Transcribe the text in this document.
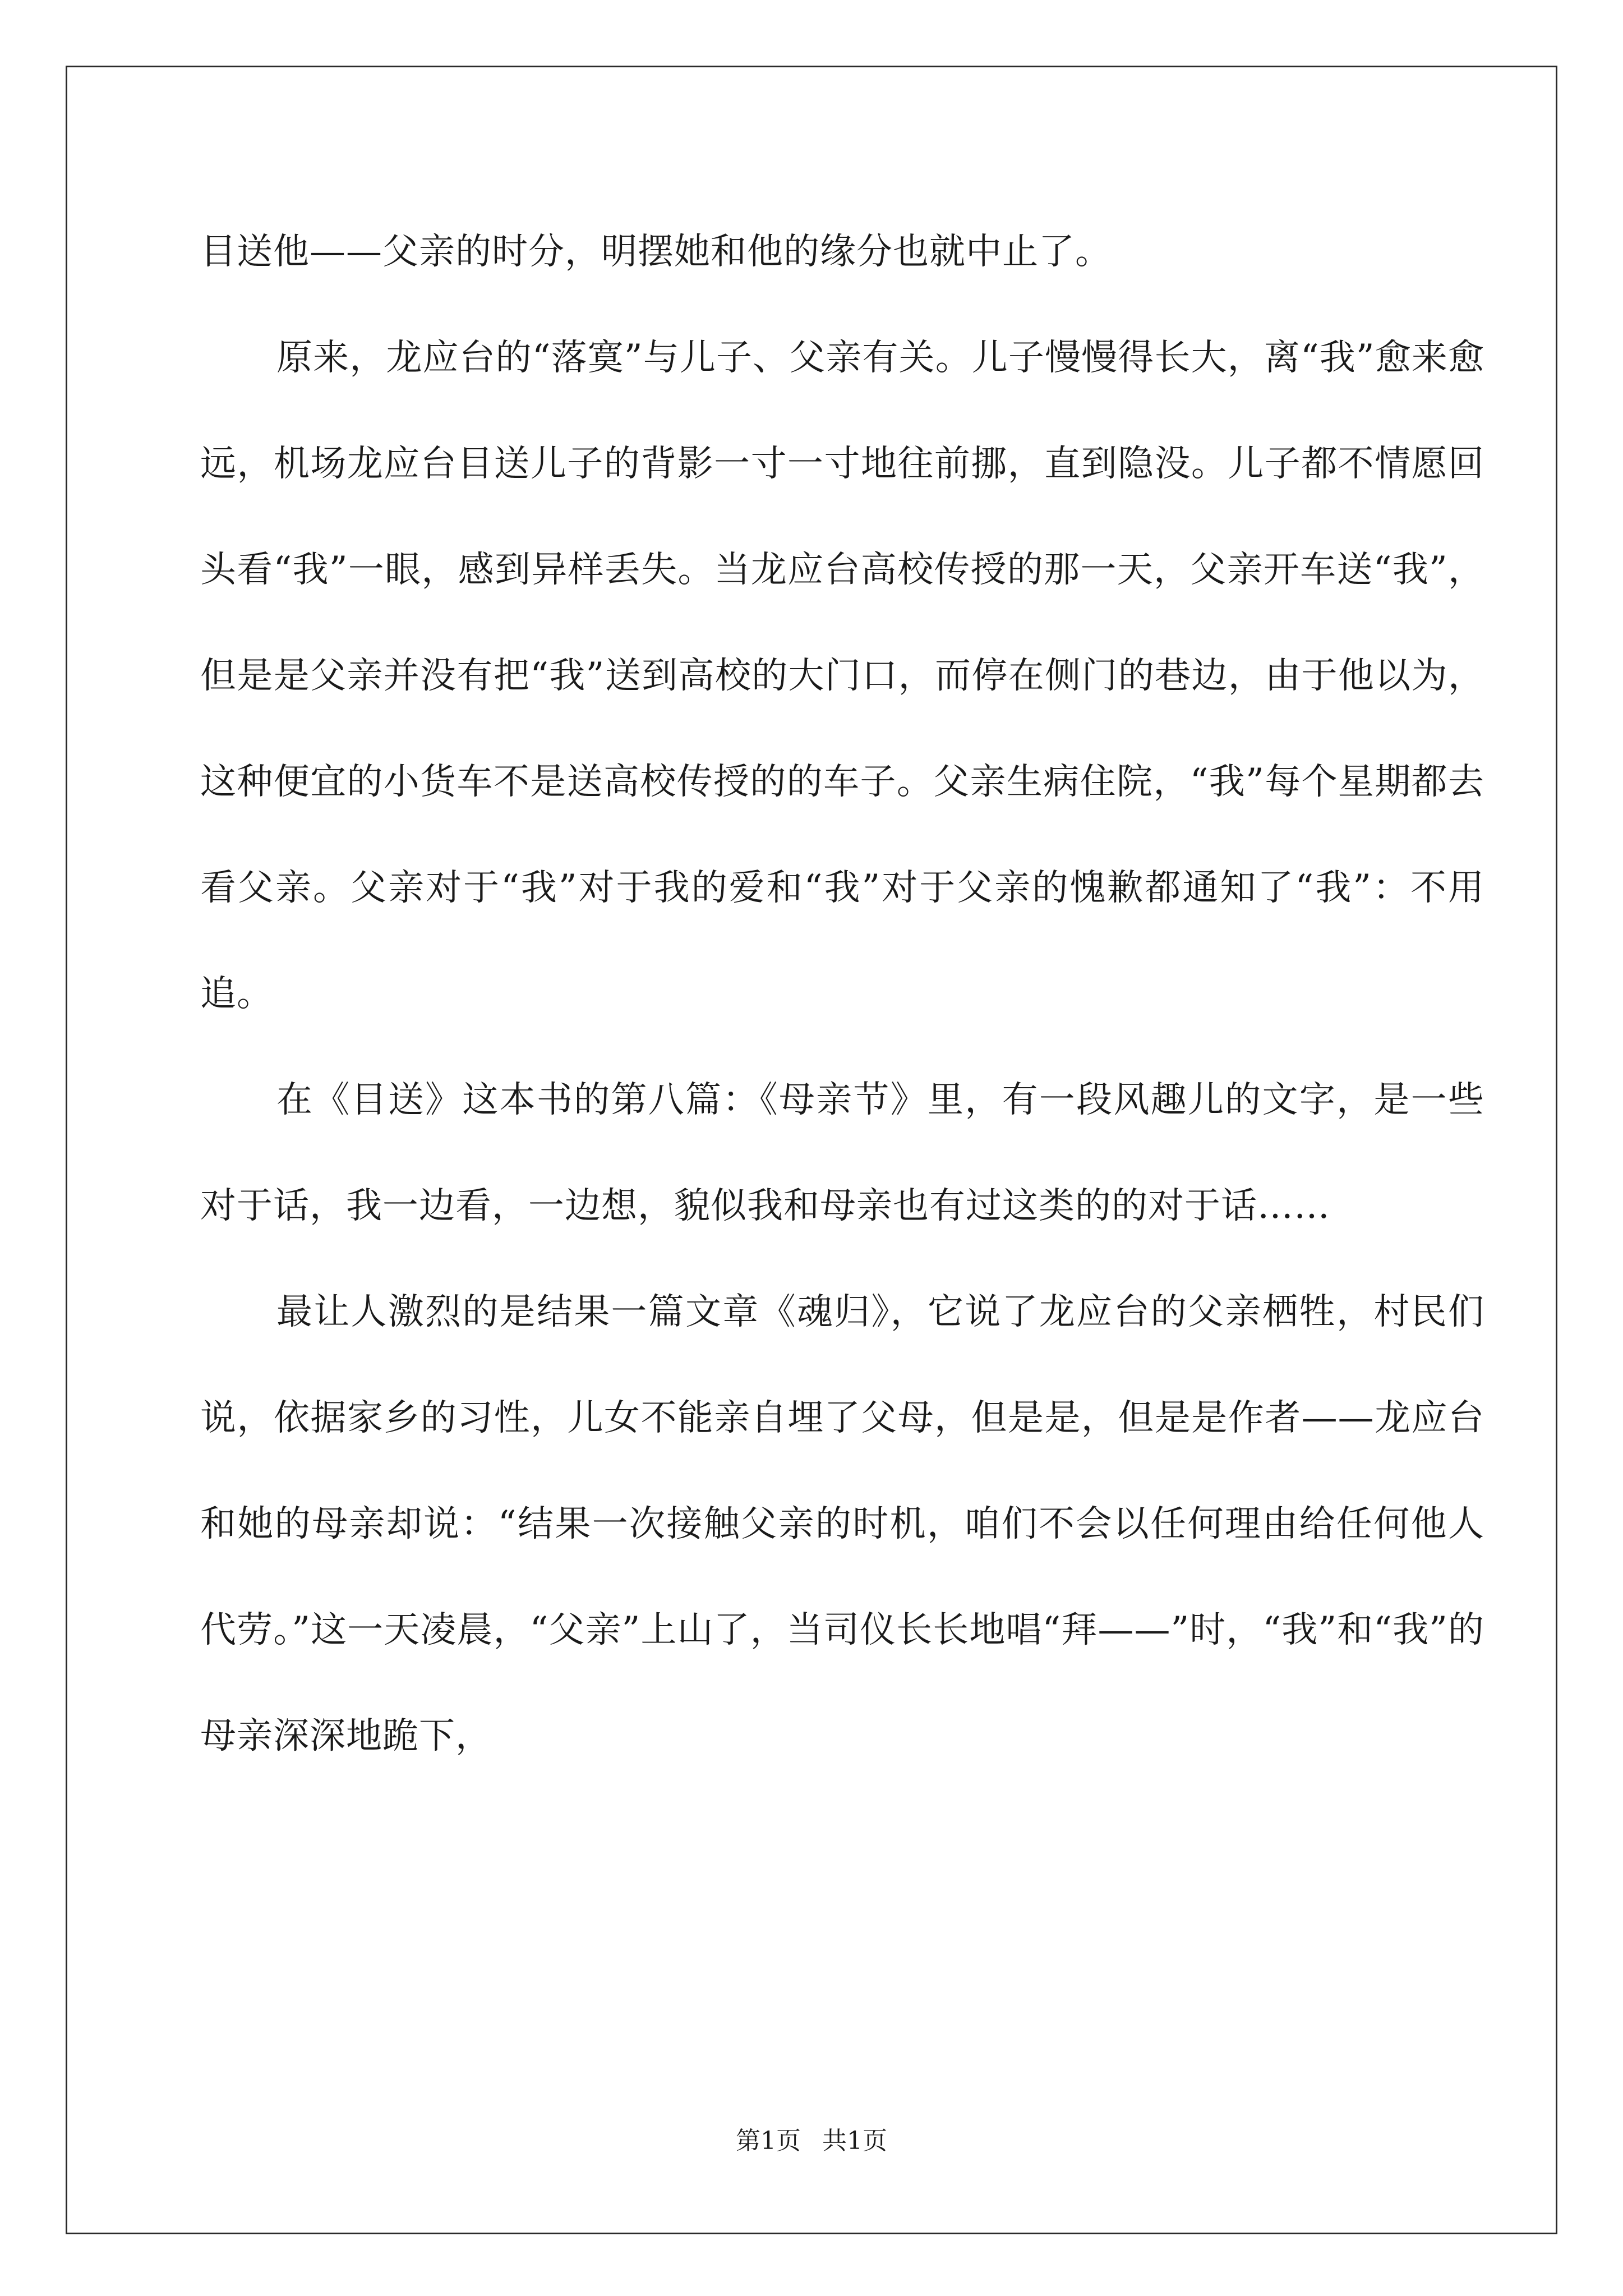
目送他——父亲的时分，明摆她和他的缘分也就中止了。

原来，龙应台的“落寞”与儿子、父亲有关。儿子慢慢得长大，离“我”愈来愈远，机场龙应台目送儿子的背影一寸一寸地往前挪，直到隐没。儿子都不情愿回头看“我”一眼，感到异样丢失。当龙应台高校传授的那一天，父亲开车送“我”，但是是父亲并没有把“我”送到高校的大门口，而停在侧门的巷边，由于他以为，这种便宜的小货车不是送高校传授的的车子。父亲生病住院，“我”每个星期都去看父亲。父亲对于“我”对于我的爱和“我”对于父亲的愧歉都通知了“我”：不用追。

在《目送》这本书的第八篇：《母亲节》里，有一段风趣儿的文字，是一些对于话，我一边看，一边想，貌似我和母亲也有过这类的的对于话……

最让人激烈的是结果一篇文章《魂归》，它说了龙应台的父亲栖牲，村民们说，依据家乡的习性，儿女不能亲自埋了父母，但是是，但是是作者——龙应台和她的母亲却说：“结果一次接触父亲的时机，咱们不会以任何理由给任何他人代劳。”这一天凌晨，“父亲”上山了，当司仪长长地唱“拜——”时，“我”和“我”的母亲深深地跪下，

第1页 共1页
